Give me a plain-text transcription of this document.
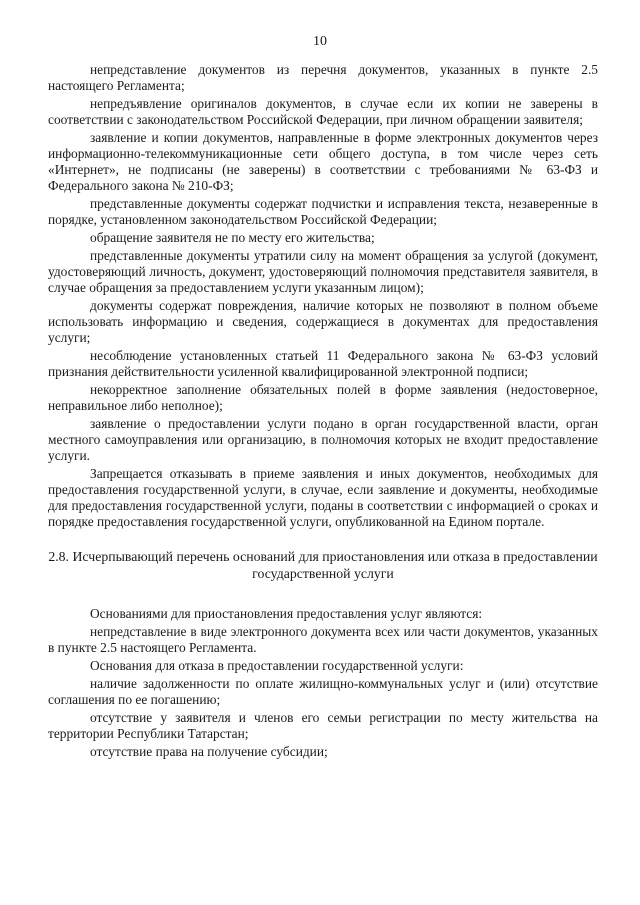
10

непредставление документов из перечня документов, указанных в пункте 2.5 настоящего Регламента;

непредъявление оригиналов документов, в случае если их копии не заверены в соответствии с законодательством Российской Федерации, при личном обращении заявителя;

заявление и копии документов, направленные в форме электронных документов через информационно-телекоммуникационные сети общего доступа, в том числе через сеть «Интернет», не подписаны (не заверены) в соответствии с требованиями № 63-ФЗ и Федерального закона № 210-ФЗ;

представленные документы содержат подчистки и исправления текста, незаверенные в порядке, установленном законодательством Российской Федерации;

обращение заявителя не по месту его жительства;

представленные документы утратили силу на момент обращения за услугой (документ, удостоверяющий личность, документ, удостоверяющий полномочия представителя заявителя, в случае обращения за предоставлением услуги указанным лицом);

документы содержат повреждения, наличие которых не позволяют в полном объеме использовать информацию и сведения, содержащиеся в документах для предоставления услуги;

несоблюдение установленных статьей 11 Федерального закона № 63-ФЗ условий признания действительности усиленной квалифицированной электронной подписи;

некорректное заполнение обязательных полей в форме заявления (недостоверное, неправильное либо неполное);

заявление о предоставлении услуги подано в орган государственной власти, орган местного самоуправления или организацию, в полномочия которых не входит предоставление услуги.

Запрещается отказывать в приеме заявления и иных документов, необходимых для предоставления государственной услуги, в случае, если заявление и документы, необходимые для предоставления государственной услуги, поданы в соответствии с информацией о сроках и порядке предоставления государственной услуги, опубликованной на Едином портале.

2.8. Исчерпывающий перечень оснований для приостановления или отказа в предоставлении государственной услуги

Основаниями для приостановления предоставления услуг являются:

непредставление в виде электронного документа всех или части документов, указанных в пункте 2.5 настоящего Регламента.

Основания для отказа в предоставлении государственной услуги:

наличие задолженности по оплате жилищно-коммунальных услуг и (или) отсутствие соглашения по ее погашению;

отсутствие у заявителя и членов его семьи регистрации по месту жительства на территории Республики Татарстан;

отсутствие права на получение субсидии;
